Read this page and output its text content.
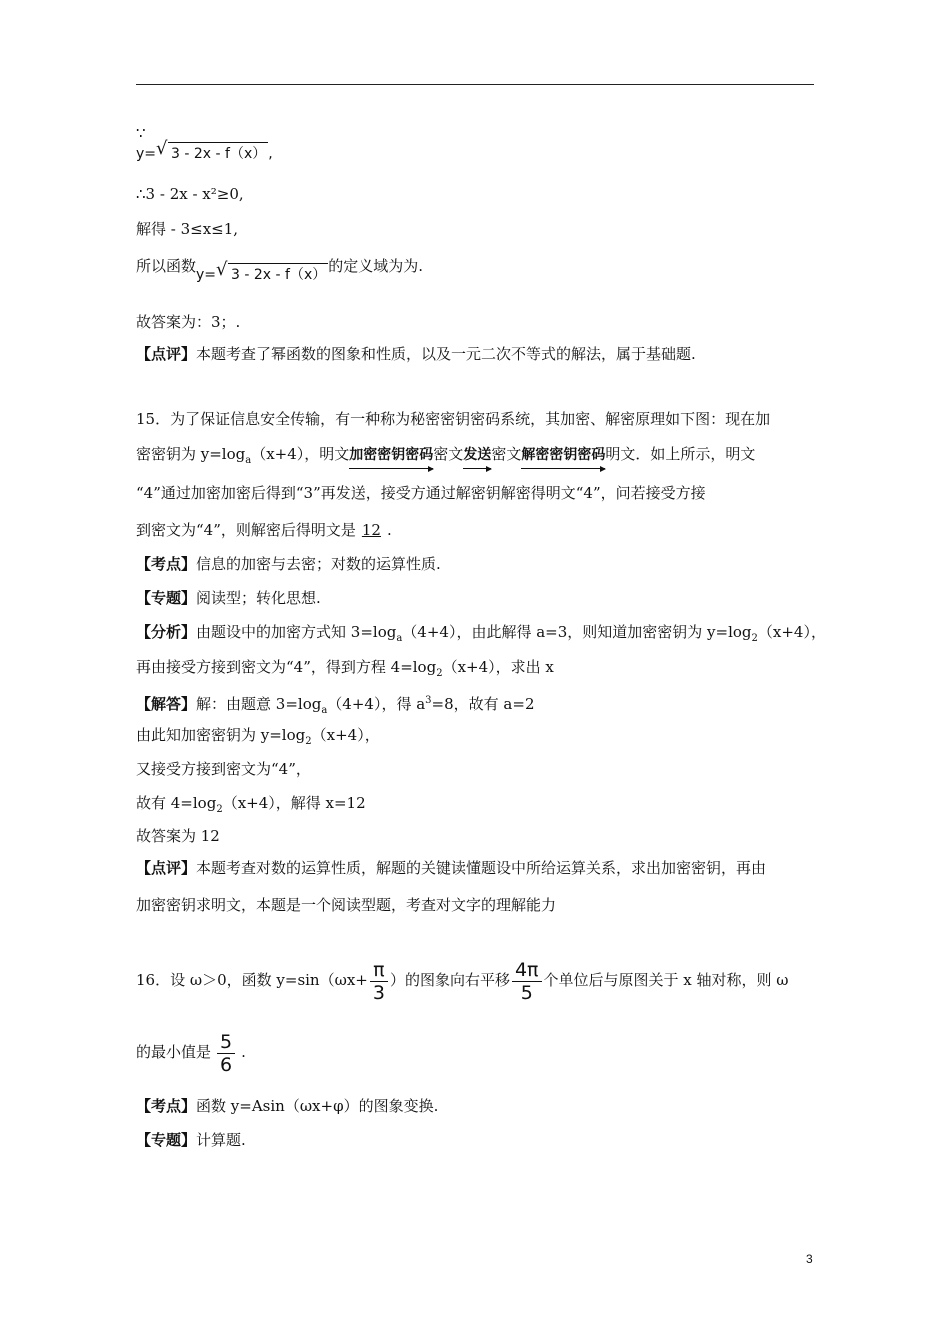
∵
y= √ 3 - 2x - f（x） ,
∴3 - 2x - x²≥0,
解得 - 3≤x≤1,
所以函数y= √ 3 - 2x - f（x） 的定义域为为.
故答案为：3；.
【点评】本题考查了幂函数的图象和性质，以及一元二次不等式的解法，属于基础题.
15．为了保证信息安全传输，有一种称为秘密密钥密码系统，其加密、解密原理如下图：现在加
密密钥为 $y=\log_a(x+4)$，明文加密密钥密码密文发送密文解密密钥密码明文．如上所示，明文
“4”通过加密加密后得到“3”再发送，接受方通过解密钥解密得明文“4”，问若接受方接
到密文为“4”，则解密后得明文是 12 .
【考点】信息的加密与去密；对数的运算性质.
【专题】阅读型；转化思想.
【分析】由题设中的加密方式知 $3=\log_a(4+4)$，由此解得 a=3，则知道加密密钥为 $y=\log_2(x+4)$，
再由接受方接到密文为“4”，得到方程 $4=\log_2(x+4)$，求出 x
【解答】解：由题意 $3=\log_a(4+4)$，得 $a^3=8$，故有 a=2
由此知加密密钥为 $y=\log_2(x+4)$，
又接受方接到密文为“4”，
故有 $4=\log_2(x+4)$，解得 x=12
故答案为 12
【点评】本题考查对数的运算性质，解题的关键读懂题设中所给运算关系，求出加密密钥，再由
加密密钥求明文，本题是一个阅读型题，考查对文字的理解能力
16．设 ω＞0，函数 $y=\sin(\omega x+ \frac{\pi}{3}$ ）的图象向右平移 $\frac{4\pi}{5}$ 个单位后与原图关于 x 轴对称，则 ω
的最小值是 $\frac{5}{6}$ .
【考点】函数 y=Asin（ωx+φ）的图象变换.
【专题】计算题.
3
